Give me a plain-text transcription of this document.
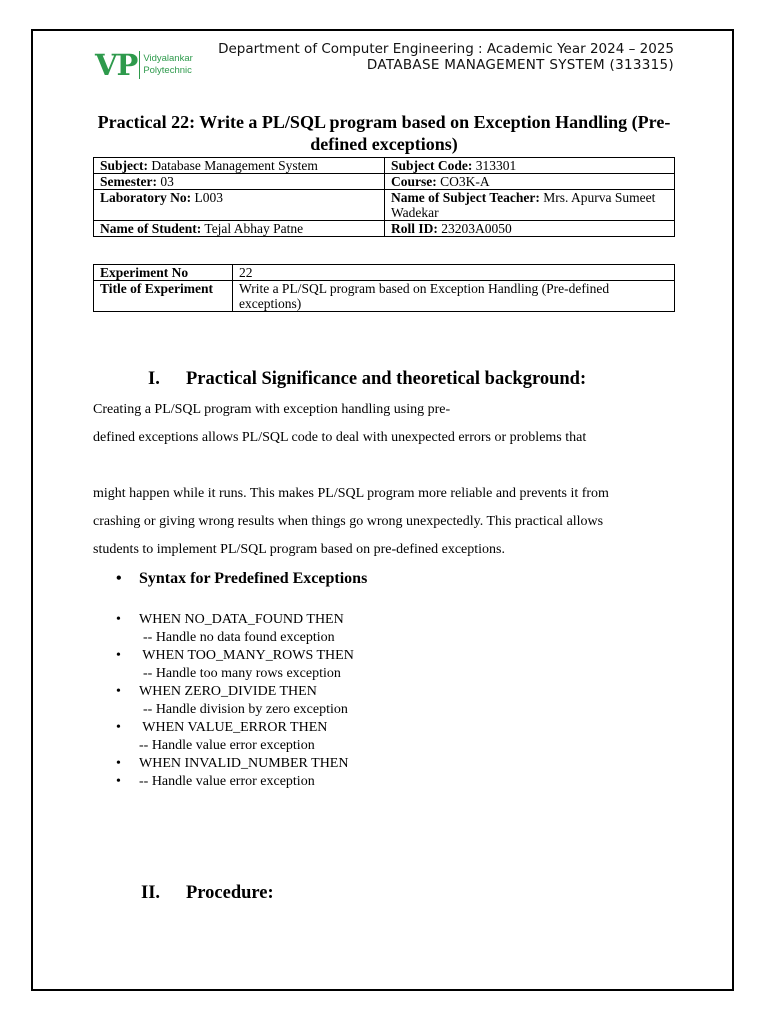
VP Vidyalankar
Polytechnic
Department of Computer Engineering : Academic Year 2024 – 2025
DATABASE MANAGEMENT SYSTEM (313315)
Practical 22: Write a PL/SQL program based on Exception Handling (Pre-defined exceptions)
Subject: Database Management System	Subject Code: 313301
Semester: 03	Course: CO3K-A
Laboratory No: L003	Name of Subject Teacher: Mrs. Apurva Sumeet Wadekar
Name of Student: Tejal Abhay Patne	Roll ID: 23203A0050
Experiment No	22
Title of Experiment	Write a PL/SQL program based on Exception Handling (Pre-defined exceptions)
I. Practical Significance and theoretical background:
Creating a PL/SQL program with exception handling using pre-
defined exceptions allows PL/SQL code to deal with unexpected errors or problems that
might happen while it runs. This makes PL/SQL program more reliable and prevents it from
crashing or giving wrong results when things go wrong unexpectedly. This practical allows
students to implement PL/SQL program based on pre-defined exceptions.
• Syntax for Predefined Exceptions
• WHEN NO_DATA_FOUND THEN
-- Handle no data found exception
• WHEN TOO_MANY_ROWS THEN
-- Handle too many rows exception
• WHEN ZERO_DIVIDE THEN
-- Handle division by zero exception
• WHEN VALUE_ERROR THEN
-- Handle value error exception
• WHEN INVALID_NUMBER THEN
• -- Handle value error exception
II. Procedure:
